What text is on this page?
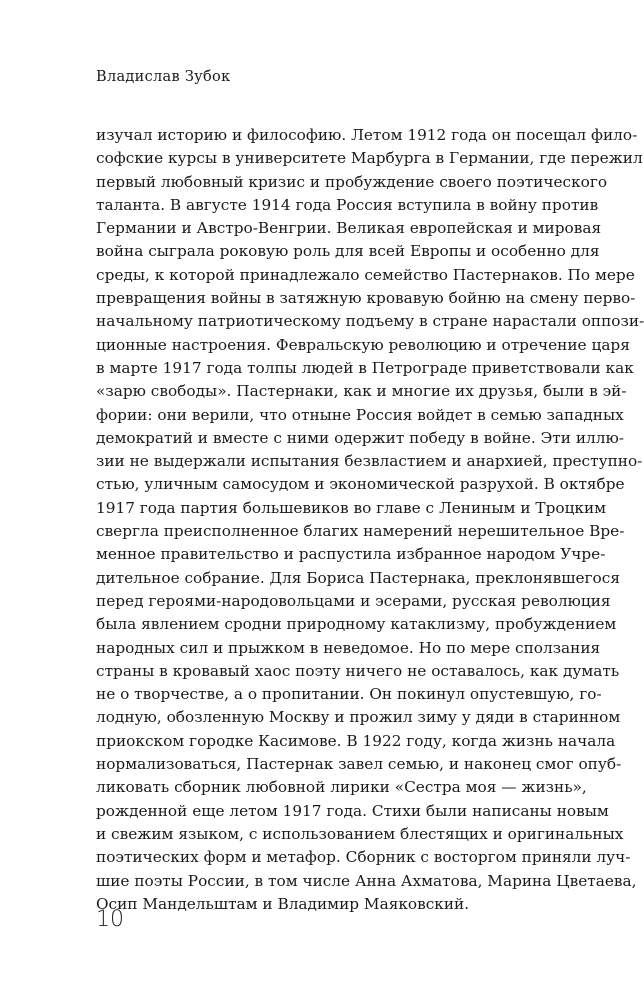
Владислав Зубок
изучал историю и философию. Летом 1912 года он посещал фило-
софские курсы в университете Марбурга в Германии, где пережил
первый любовный кризис и пробуждение своего поэтического
таланта. В августе 1914 года Россия вступила в войну против
Германии и Австро-Венгрии. Великая европейская и мировая
война сыграла роковую роль для всей Европы и особенно для
среды, к которой принадлежало семейство Пастернаков. По мере
превращения войны в затяжную кровавую бойню на смену перво-
начальному патриотическому подъему в стране нарастали оппози-
ционные настроения. Февральскую революцию и отречение царя
в марте 1917 года толпы людей в Петрограде приветствовали как
«зарю свободы». Пастернаки, как и многие их друзья, были в эй-
фории: они верили, что отныне Россия войдет в семью западных
демократий и вместе с ними одержит победу в войне. Эти иллю-
зии не выдержали испытания безвластием и анархией, преступно-
стью, уличным самосудом и экономической разрухой. В октябре
1917 года партия большевиков во главе с Лениным и Троцким
свергла преисполненное благих намерений нерешительное Вре-
менное правительство и распустила избранное народом Учре-
дительное собрание. Для Бориса Пастернака, преклонявшегося
перед героями-народовольцами и эсерами, русская революция
была явлением сродни природному катаклизму, пробуждением
народных сил и прыжком в неведомое. Но по мере сползания
страны в кровавый хаос поэту ничего не оставалось, как думать
не о творчестве, а о пропитании. Он покинул опустевшую, го-
лодную, обозленную Москву и прожил зиму у дяди в старинном
приокском городке Касимове. В 1922 году, когда жизнь начала
нормализоваться, Пастернак завел семью, и наконец смог опуб-
ликовать сборник любовной лирики «Сестра моя — жизнь»,
рожденной еще летом 1917 года. Стихи были написаны новым
и свежим языком, с использованием блестящих и оригинальных
поэтических форм и метафор. Сборник с восторгом приняли луч-
шие поэты России, в том числе Анна Ахматова, Марина Цветаева,
Осип Мандельштам и Владимир Маяковский.
10
